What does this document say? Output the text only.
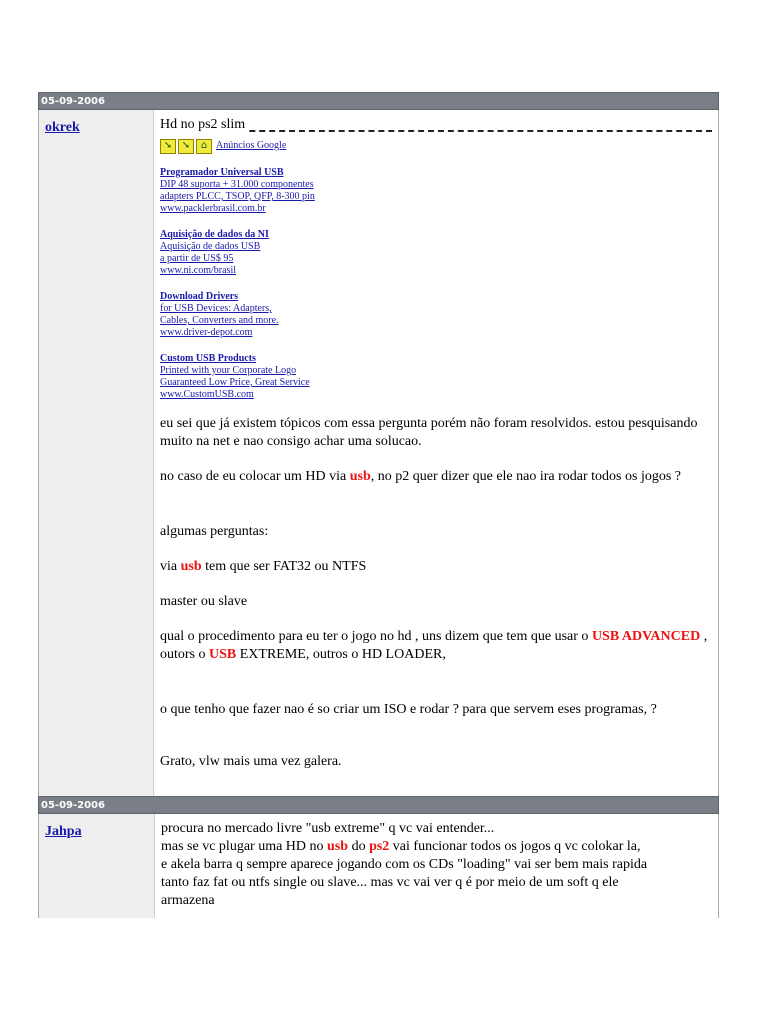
05-09-2006
okrek	Hd no ps2 slim
➘ ➘	⌂ Anúncios Google
Programador Universal USB
DIP 48 suporta + 31.000 componentes
adapters PLCC, TSOP, QFP, 8-300 pin
www.packlerbrasil.com.br
Aquisição de dados da NI
Aquisição de dados USB
a partir de US$ 95
www.ni.com/brasil
Download Drivers
for USB Devices: Adapters,
Cables, Converters and more.
www.driver-depot.com
Custom USB Products
Printed with your Corporate Logo
Guaranteed Low Price, Great Service
www.CustomUSB.com

eu sei que já existem tópicos com essa pergunta porém não foram resolvidos. estou pesquisando muito na net e nao consigo achar uma solucao.

no caso de eu colocar um HD via usb, no p2 quer dizer que ele nao ira rodar todos os jogos ?

algumas perguntas:

via usb tem que ser FAT32 ou NTFS

master ou slave

qual o procedimento para eu ter o jogo no hd , uns dizem que tem que usar o USB ADVANCED , outors o USB EXTREME, outros o HD LOADER,

o que tenho que fazer nao é so criar um ISO e rodar ? para que servem eses programas, ?

Grato, vlw mais uma vez galera.

05-09-2006
Jahpa	procura no mercado livre "usb extreme" q vc vai entender...
mas se vc plugar uma HD no usb do ps2 vai funcionar todos os jogos q vc colokar la,
e akela barra q sempre aparece jogando com os CDs "loading" vai ser bem mais rapida
tanto faz fat ou ntfs single ou slave... mas vc vai ver q é por meio de um soft q ele
armazena
